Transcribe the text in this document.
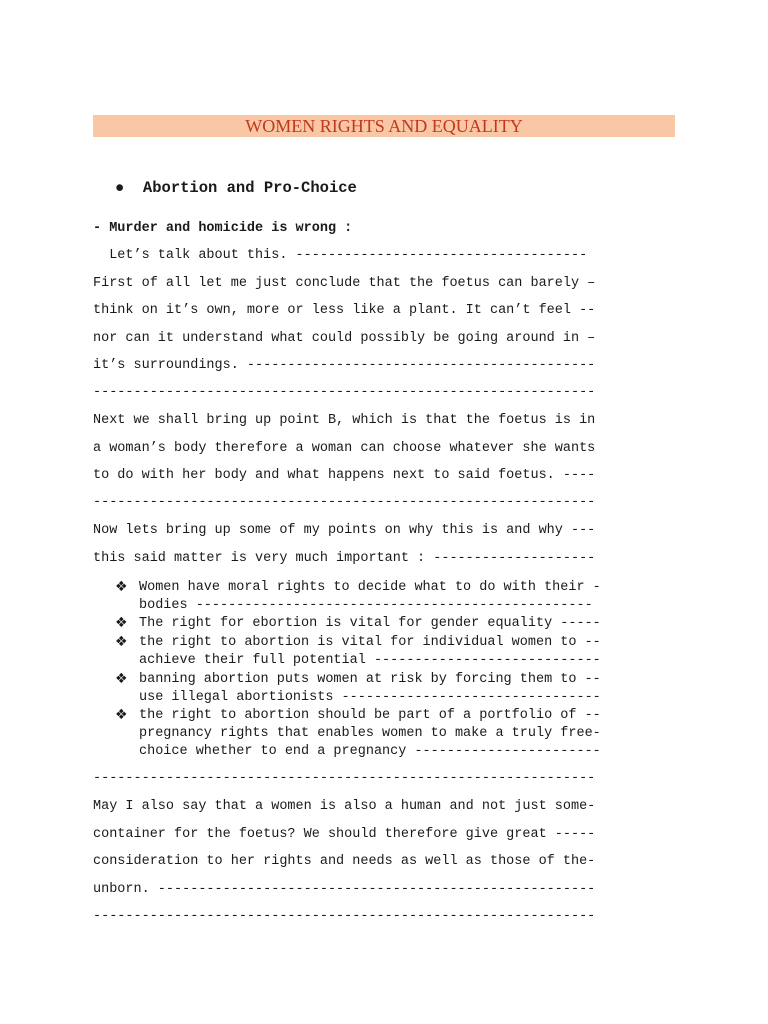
WOMEN RIGHTS AND EQUALITY
● Abortion and Pro-Choice
- Murder and homicide is wrong :
Let’s talk about this. ------------------------------------
First of all let me just conclude that the foetus can barely –
think on it’s own, more or less like a plant. It can’t feel --
nor can it understand what could possibly be going around in –
it’s surroundings. -------------------------------------------
--------------------------------------------------------------
Next we shall bring up point B, which is that the foetus is in
a woman’s body therefore a woman can choose whatever she wants
to do with her body and what happens next to said foetus. ----
--------------------------------------------------------------
Now lets bring up some of my points on why this is and why ---
this said matter is very much important : --------------------
❖ Women have moral rights to decide what to do with their -
bodies -------------------------------------------------
❖ The right for ebortion is vital for gender equality -----
❖ the right to abortion is vital for individual women to --
achieve their full potential ----------------------------
❖ banning abortion puts women at risk by forcing them to --
use illegal abortionists --------------------------------
❖ the right to abortion should be part of a portfolio of --
pregnancy rights that enables women to make a truly free-
choice whether to end a pregnancy -----------------------
--------------------------------------------------------------
May I also say that a women is also a human and not just some-
container for the foetus? We should therefore give great -----
consideration to her rights and needs as well as those of the-
unborn. ------------------------------------------------------
--------------------------------------------------------------
